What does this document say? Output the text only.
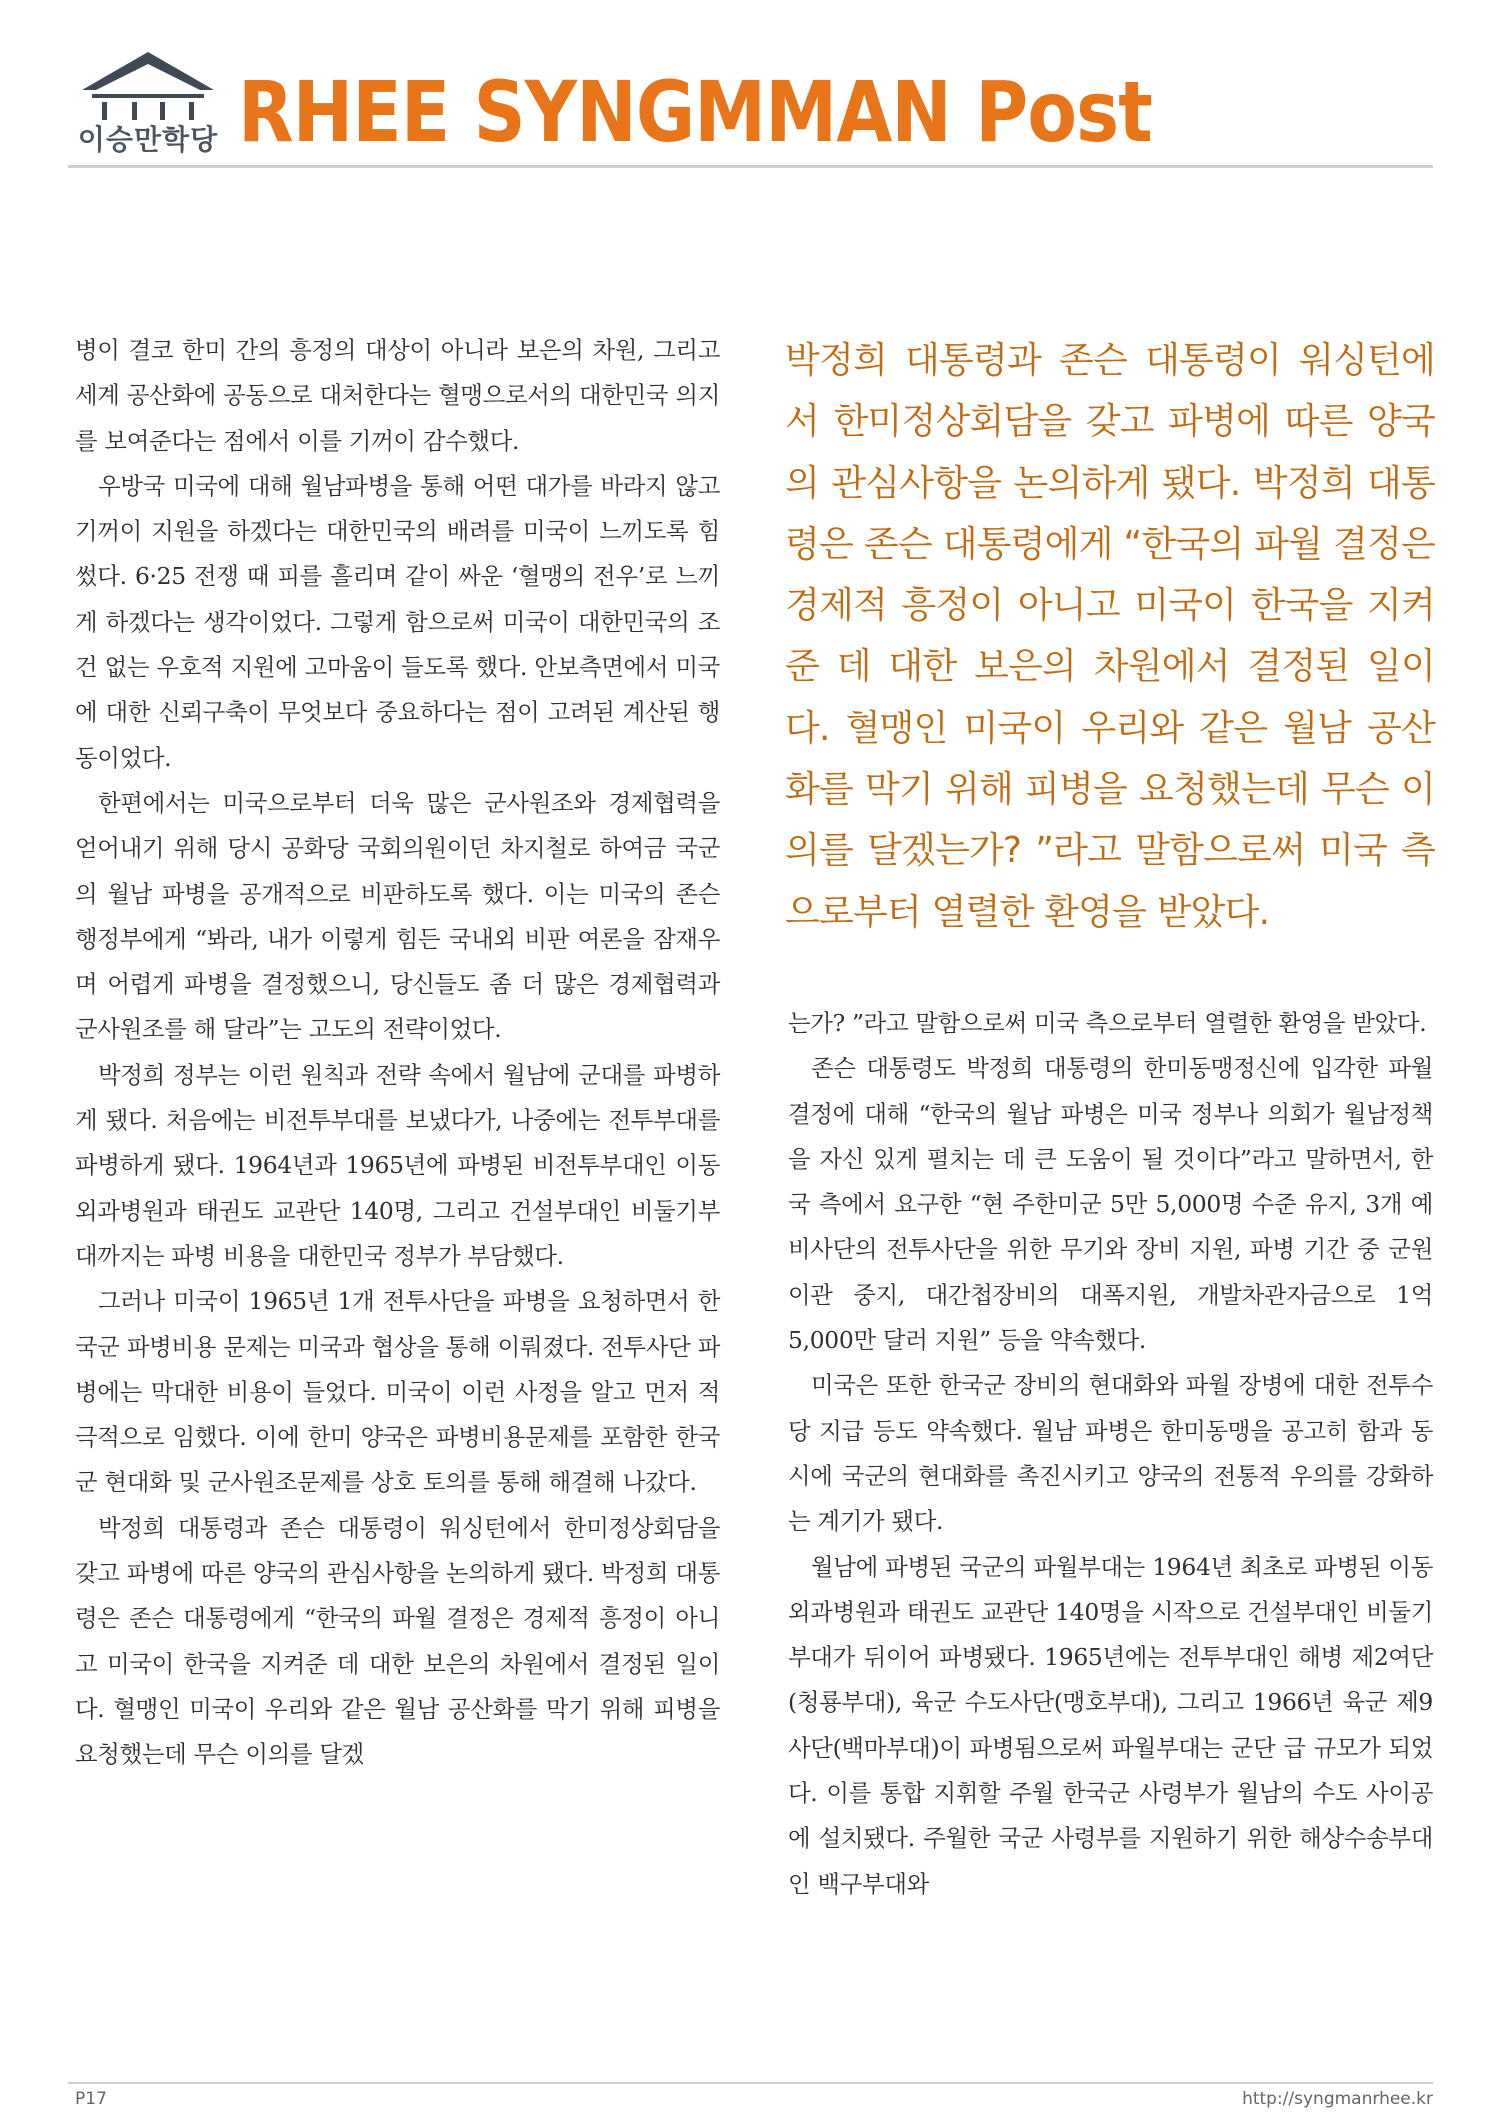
이승만학당 RHEE SYNGMMAN Post

병이 결코 한미 간의 흥정의 대상이 아니라 보은의 차원, 그리고 세계 공산화에 공동으로 대처한다는 혈맹으로서의 대한민국 의지를 보여준다는 점에서 이를 기꺼이 감수했다.

우방국 미국에 대해 월남파병을 통해 어떤 대가를 바라지 않고 기꺼이 지원을 하겠다는 대한민국의 배려를 미국이 느끼도록 힘썼다. 6·25 전쟁 때 피를 흘리며 같이 싸운 ‘혈맹의 전우’로 느끼게 하겠다는 생각이었다. 그렇게 함으로써 미국이 대한민국의 조건 없는 우호적 지원에 고마움이 들도록 했다. 안보측면에서 미국에 대한 신뢰구축이 무엇보다 중요하다는 점이 고려된 계산된 행동이었다.

한편에서는 미국으로부터 더욱 많은 군사원조와 경제협력을 얻어내기 위해 당시 공화당 국회의원이던 차지철로 하여금 국군의 월남 파병을 공개적으로 비판하도록 했다. 이는 미국의 존슨 행정부에게 “봐라, 내가 이렇게 힘든 국내외 비판 여론을 잠재우며 어렵게 파병을 결정했으니, 당신들도 좀 더 많은 경제협력과 군사원조를 해 달라”는 고도의 전략이었다.

박정희 정부는 이런 원칙과 전략 속에서 월남에 군대를 파병하게 됐다. 처음에는 비전투부대를 보냈다가, 나중에는 전투부대를 파병하게 됐다. 1964년과 1965년에 파병된 비전투부대인 이동외과병원과 태권도 교관단 140명, 그리고 건설부대인 비둘기부대까지는 파병 비용을 대한민국 정부가 부담했다.

그러나 미국이 1965년 1개 전투사단을 파병을 요청하면서 한국군 파병비용 문제는 미국과 협상을 통해 이뤄졌다. 전투사단 파병에는 막대한 비용이 들었다. 미국이 이런 사정을 알고 먼저 적극적으로 임했다. 이에 한미 양국은 파병비용문제를 포함한 한국군 현대화 및 군사원조문제를 상호 토의를 통해 해결해 나갔다.

박정희 대통령과 존슨 대통령이 워싱턴에서 한미정상회담을 갖고 파병에 따른 양국의 관심사항을 논의하게 됐다. 박정희 대통령은 존슨 대통령에게 “한국의 파월 결정은 경제적 흥정이 아니고 미국이 한국을 지켜준 데 대한 보은의 차원에서 결정된 일이다. 혈맹인 미국이 우리와 같은 월남 공산화를 막기 위해 피병을 요청했는데 무슨 이의를 달겠

박정희 대통령과 존슨 대통령이 워싱턴에서 한미정상회담을 갖고 파병에 따른 양국의 관심사항을 논의하게 됐다. 박정희 대통령은 존슨 대통령에게 “한국의 파월 결정은 경제적 흥정이 아니고 미국이 한국을 지켜준 데 대한 보은의 차원에서 결정된 일이다. 혈맹인 미국이 우리와 같은 월남 공산화를 막기 위해 피병을 요청했는데 무슨 이의를 달겠는가? ”라고 말함으로써 미국 측으로부터 열렬한 환영을 받았다.

는가? ”라고 말함으로써 미국 측으로부터 열렬한 환영을 받았다.

존슨 대통령도 박정희 대통령의 한미동맹정신에 입각한 파월결정에 대해 “한국의 월남 파병은 미국 정부나 의회가 월남정책을 자신 있게 펼치는 데 큰 도움이 될 것이다”라고 말하면서, 한국 측에서 요구한 “현 주한미군 5만 5,000명 수준 유지, 3개 예비사단의 전투사단을 위한 무기와 장비 지원, 파병 기간 중 군원이관 중지, 대간첩장비의 대폭지원, 개발차관자금으로 1억 5,000만 달러 지원” 등을 약속했다.

미국은 또한 한국군 장비의 현대화와 파월 장병에 대한 전투수당 지급 등도 약속했다. 월남 파병은 한미동맹을 공고히 함과 동시에 국군의 현대화를 촉진시키고 양국의 전통적 우의를 강화하는 계기가 됐다.

월남에 파병된 국군의 파월부대는 1964년 최초로 파병된 이동외과병원과 태권도 교관단 140명을 시작으로 건설부대인 비둘기부대가 뒤이어 파병됐다. 1965년에는 전투부대인 해병 제2여단(청룡부대), 육군 수도사단(맹호부대), 그리고 1966년 육군 제9사단(백마부대)이 파병됨으로써 파월부대는 군단 급 규모가 되었다. 이를 통합 지휘할 주월 한국군 사령부가 월남의 수도 사이공에 설치됐다. 주월한 국군 사령부를 지원하기 위한 해상수송부대인 백구부대와

P17	http://syngmanrhee.kr
